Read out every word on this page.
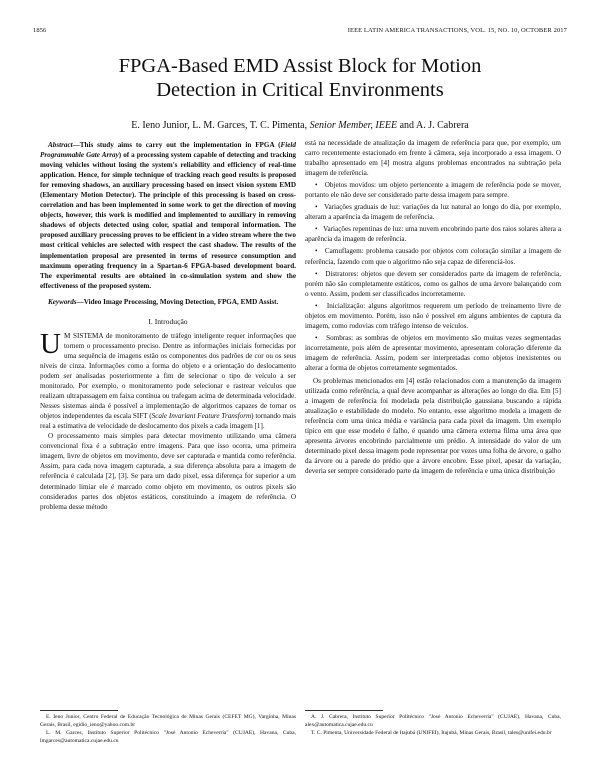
1856	IEEE LATIN AMERICA TRANSACTIONS, VOL. 15, NO. 10, OCTOBER 2017
FPGA-Based EMD Assist Block for Motion
Detection in Critical Environments
E. Ieno Junior, L. M. Garces, T. C. Pimenta, Senior Member, IEEE and A. J. Cabrera

Abstract—This study aims to carry out the implementation in FPGA (Field Programmable Gate Array) of a processing system capable of detecting and tracking moving vehicles without losing the system's reliability and efficiency of real-time application. Hence, for simple technique of tracking reach good results is proposed for removing shadows, an auxiliary processing based on insect vision system EMD (Elementary Motion Detector). The principle of this processing is based on cross-correlation and has been implemented in some work to get the direction of moving objects, however, this work is modified and implemented to auxiliary in removing shadows of objects detected using color, spatial and temporal information. The proposed auxiliary processing proves to be efficient in a video stream where the two most critical vehicles are selected with respect the cast shadow. The results of the implementation proposal are presented in terms of resource consumption and maximum operating frequency in a Spartan-6 FPGA-based development board. The experimental results are obtained in co-simulation system and show the effectiveness of the proposed system.

Keywords—Video Image Processing, Moving Detection, FPGA, EMD Assist.

I. Introdução

U M SISTEMA de monitoramento de tráfego inteligente requer informações que tornem o processamento preciso. Dentre as informações iniciais fornecidas por uma sequência de imagens estão os componentes dos padrões de cor ou os seus níveis de cinza. Informações como a forma do objeto e a orientação do deslocamento podem ser analisadas posteriormente a fim de selecionar o tipo de veículo a ser monitorado. Por exemplo, o monitoramento pode selecionar e rastrear veículos que realizam ultrapassagem em faixa contínua ou trafegam acima de determinada velocidade. Nesses sistemas ainda é possível a implementação de algoritmos capazes de tornar os objetos independentes da escala SIFT (Scale Invariant Feature Transform) tornando mais real a estimativa de velocidade de deslocamento dos pixels a cada imagem [1].

O processamento mais simples para detectar movimento utilizando uma câmera convencional fixa é a subtração entre imagens. Para que isso ocorra, uma primeira imagem, livre de objetos em movimento, deve ser capturada e mantida como referência. Assim, para cada nova imagem capturada, a sua diferença absoluta para a imagem de referência é calculada [2], [3]. Se para um dado pixel, essa diferença for superior a um determinado limiar ele é marcado como objeto em movimento, os outros pixels são considerados partes dos objetos estáticos, constituindo a imagem de referência. O problema desse método

está na necessidade de atualização da imagem de referência para que, por exemplo, um carro recentemente estacionado em frente à câmera, seja incorporado a essa imagem. O trabalho apresentado em [4] mostra alguns problemas encontrados na subtração pela imagem de referência.

•   Objetos movidos: um objeto pertencente a imagem de referência pode se mover, portanto ele não deve ser considerado parte dessa imagem para sempre.

•   Variações graduais de luz: variações da luz natural ao longo do dia, por exemplo, alteram a aparência da imagem de referência.

•   Variações repentinas de luz: uma nuvem encobrindo parte dos raios solares altera a aparência da imagem de referência.

•   Camuflagem: problema causado por objetos com coloração similar a imagem de referência, fazendo com que o algoritmo não seja capaz de diferenciá-los.

•   Distratores: objetos que devem ser considerados parte da imagem de referência, porém não são completamente estáticos, como os galhos de uma árvore balançando com o vento. Assim, podem ser classificados incorretamente.

•   Inicialização: alguns algoritmos requerem um período de treinamento livre de objetos em movimento. Porém, isso não é possível em alguns ambientes de captura da imagem, como rodovias com tráfego intenso de veículos.

•   Sombras: as sombras de objetos em movimento são muitas vezes segmentadas incorretamente, pois além de apresentar movimento, apresentam coloração diferente da imagem de referência. Assim, podem ser interpretadas como objetos inexistentes ou alterar a forma de objetos corretamente segmentados.

Os problemas mencionados em [4] estão relacionados com a manutenção da imagem utilizada como referência, a qual deve acompanhar as alterações ao longo do dia. Em [5] a imagem de referência foi modelada pela distribuição gaussiana buscando a rápida atualização e estabilidade do modelo. No entanto, esse algoritmo modela a imagem de referência com uma única média e variância para cada pixel da imagem. Um exemplo típico em que esse modelo é falho, é quando uma câmera externa filma uma área que apresenta árvores encobrindo parcialmente um prédio. A intensidade do valor de um determinado pixel dessa imagem pode representar por vezes uma folha de árvore, o galho da árvore ou a parede do prédio que a árvore encobre. Esse pixel, apesar da variação, deveria ser sempre considerado parte da imagem de referência e uma única distribuição

E. Ieno Junior, Centro Federal de Educação Tecnológica de Minas Gerais (CEFET MG), Varginha, Minas Gerais, Brasil, egidio_ieno@yahoo.com.br

L. M. Garces, Instituto Superior Politécnico "José Antonio Echeverría" (CUJAE), Havana, Cuba, lmgarces@automatica.cujae.edu.cu

A. J. Cabrera, Instituto Superior Politécnico "José Antonio Echeverría" (CUJAE), Havana, Cuba, alex@automatica.cujae.edu.cu

T. C. Pimenta, Universidade Federal de Itajubá (UNIFEI), Itajubá, Minas Gerais, Brasil, tales@unifei.edu.br
